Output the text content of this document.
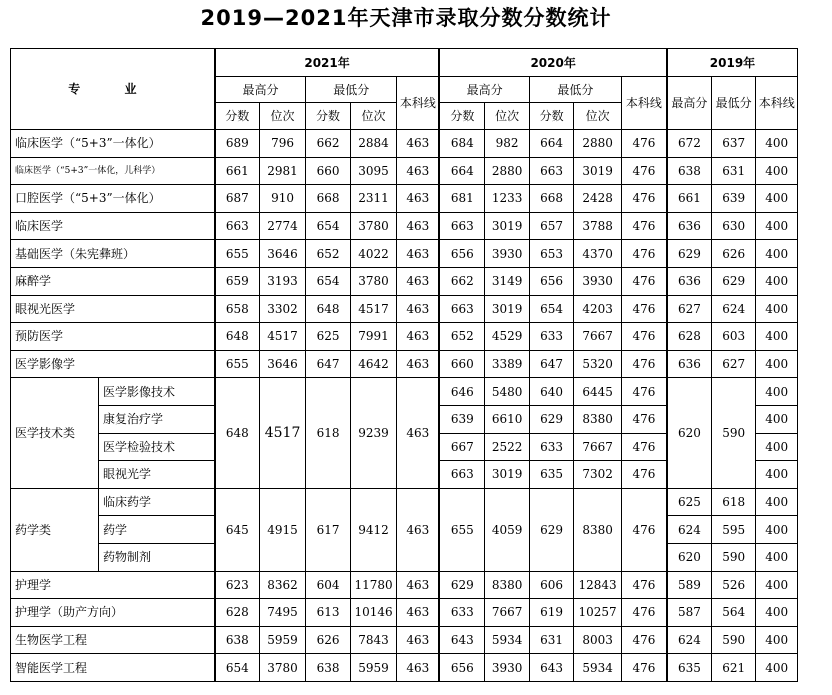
2019—2021年天津市录取分数分数统计
专 业		2021年					2020年					2019年		
		最高分		最低分		本科线	最高分		最低分		本科线	最高分	最低分	本科线
		分数	位次	分数	位次		分数	位次	分数	位次				
临床医学（“5+3”一体化）		689	796	662	2884	463	684	982	664	2880	476	672	637	400
临床医学（“5+3”一体化，儿科学）		661	2981	660	3095	463	664	2880	663	3019	476	638	631	400
口腔医学（“5+3”一体化）		687	910	668	2311	463	681	1233	668	2428	476	661	639	400
临床医学		663	2774	654	3780	463	663	3019	657	3788	476	636	630	400
基础医学（朱宪彝班）		655	3646	652	4022	463	656	3930	653	4370	476	629	626	400
麻醉学		659	3193	654	3780	463	662	3149	656	3930	476	636	629	400
眼视光医学		658	3302	648	4517	463	663	3019	654	4203	476	627	624	400
预防医学		648	4517	625	7991	463	652	4529	633	7667	476	628	603	400
医学影像学		655	3646	647	4642	463	660	3389	647	5320	476	636	627	400
医学技术类	医学影像技术	648	4517	618	9239	463	646	5480	640	6445	476	620	590	400
	康复治疗学						639	6610	629	8380	476			400
	医学检验技术						667	2522	633	7667	476			400
	眼视光学						663	3019	635	7302	476			400
药学类	临床药学	645	4915	617	9412	463	655	4059	629	8380	476	625	618	400
	药学											624	595	400
	药物制剂											620	590	400
护理学		623	8362	604	11780	463	629	8380	606	12843	476	589	526	400
护理学（助产方向）		628	7495	613	10146	463	633	7667	619	10257	476	587	564	400
生物医学工程		638	5959	626	7843	463	643	5934	631	8003	476	624	590	400
智能医学工程		654	3780	638	5959	463	656	3930	643	5934	476	635	621	400
